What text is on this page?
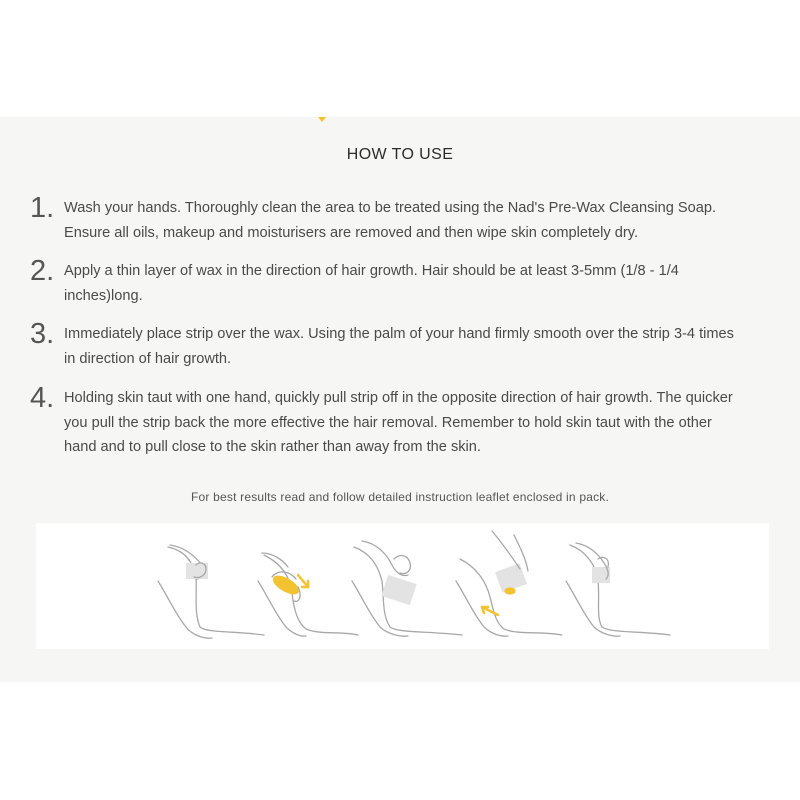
HOW TO USE
1. Wash your hands. Thoroughly clean the area to be treated using the Nad's Pre-Wax Cleansing Soap. Ensure all oils, makeup and moisturisers are removed and then wipe skin completely dry.
2. Apply a thin layer of wax in the direction of hair growth. Hair should be at least 3-5mm (1/8 - 1/4 inches)long.
3. Immediately place strip over the wax. Using the palm of your hand firmly smooth over the strip 3-4 times in direction of hair growth.
4. Holding skin taut with one hand, quickly pull strip off in the opposite direction of hair growth. The quicker you pull the strip back the more effective the hair removal. Remember to hold skin taut with the other hand and to pull close to the skin rather than away from the skin.
For best results read and follow detailed instruction leaflet enclosed in pack.
